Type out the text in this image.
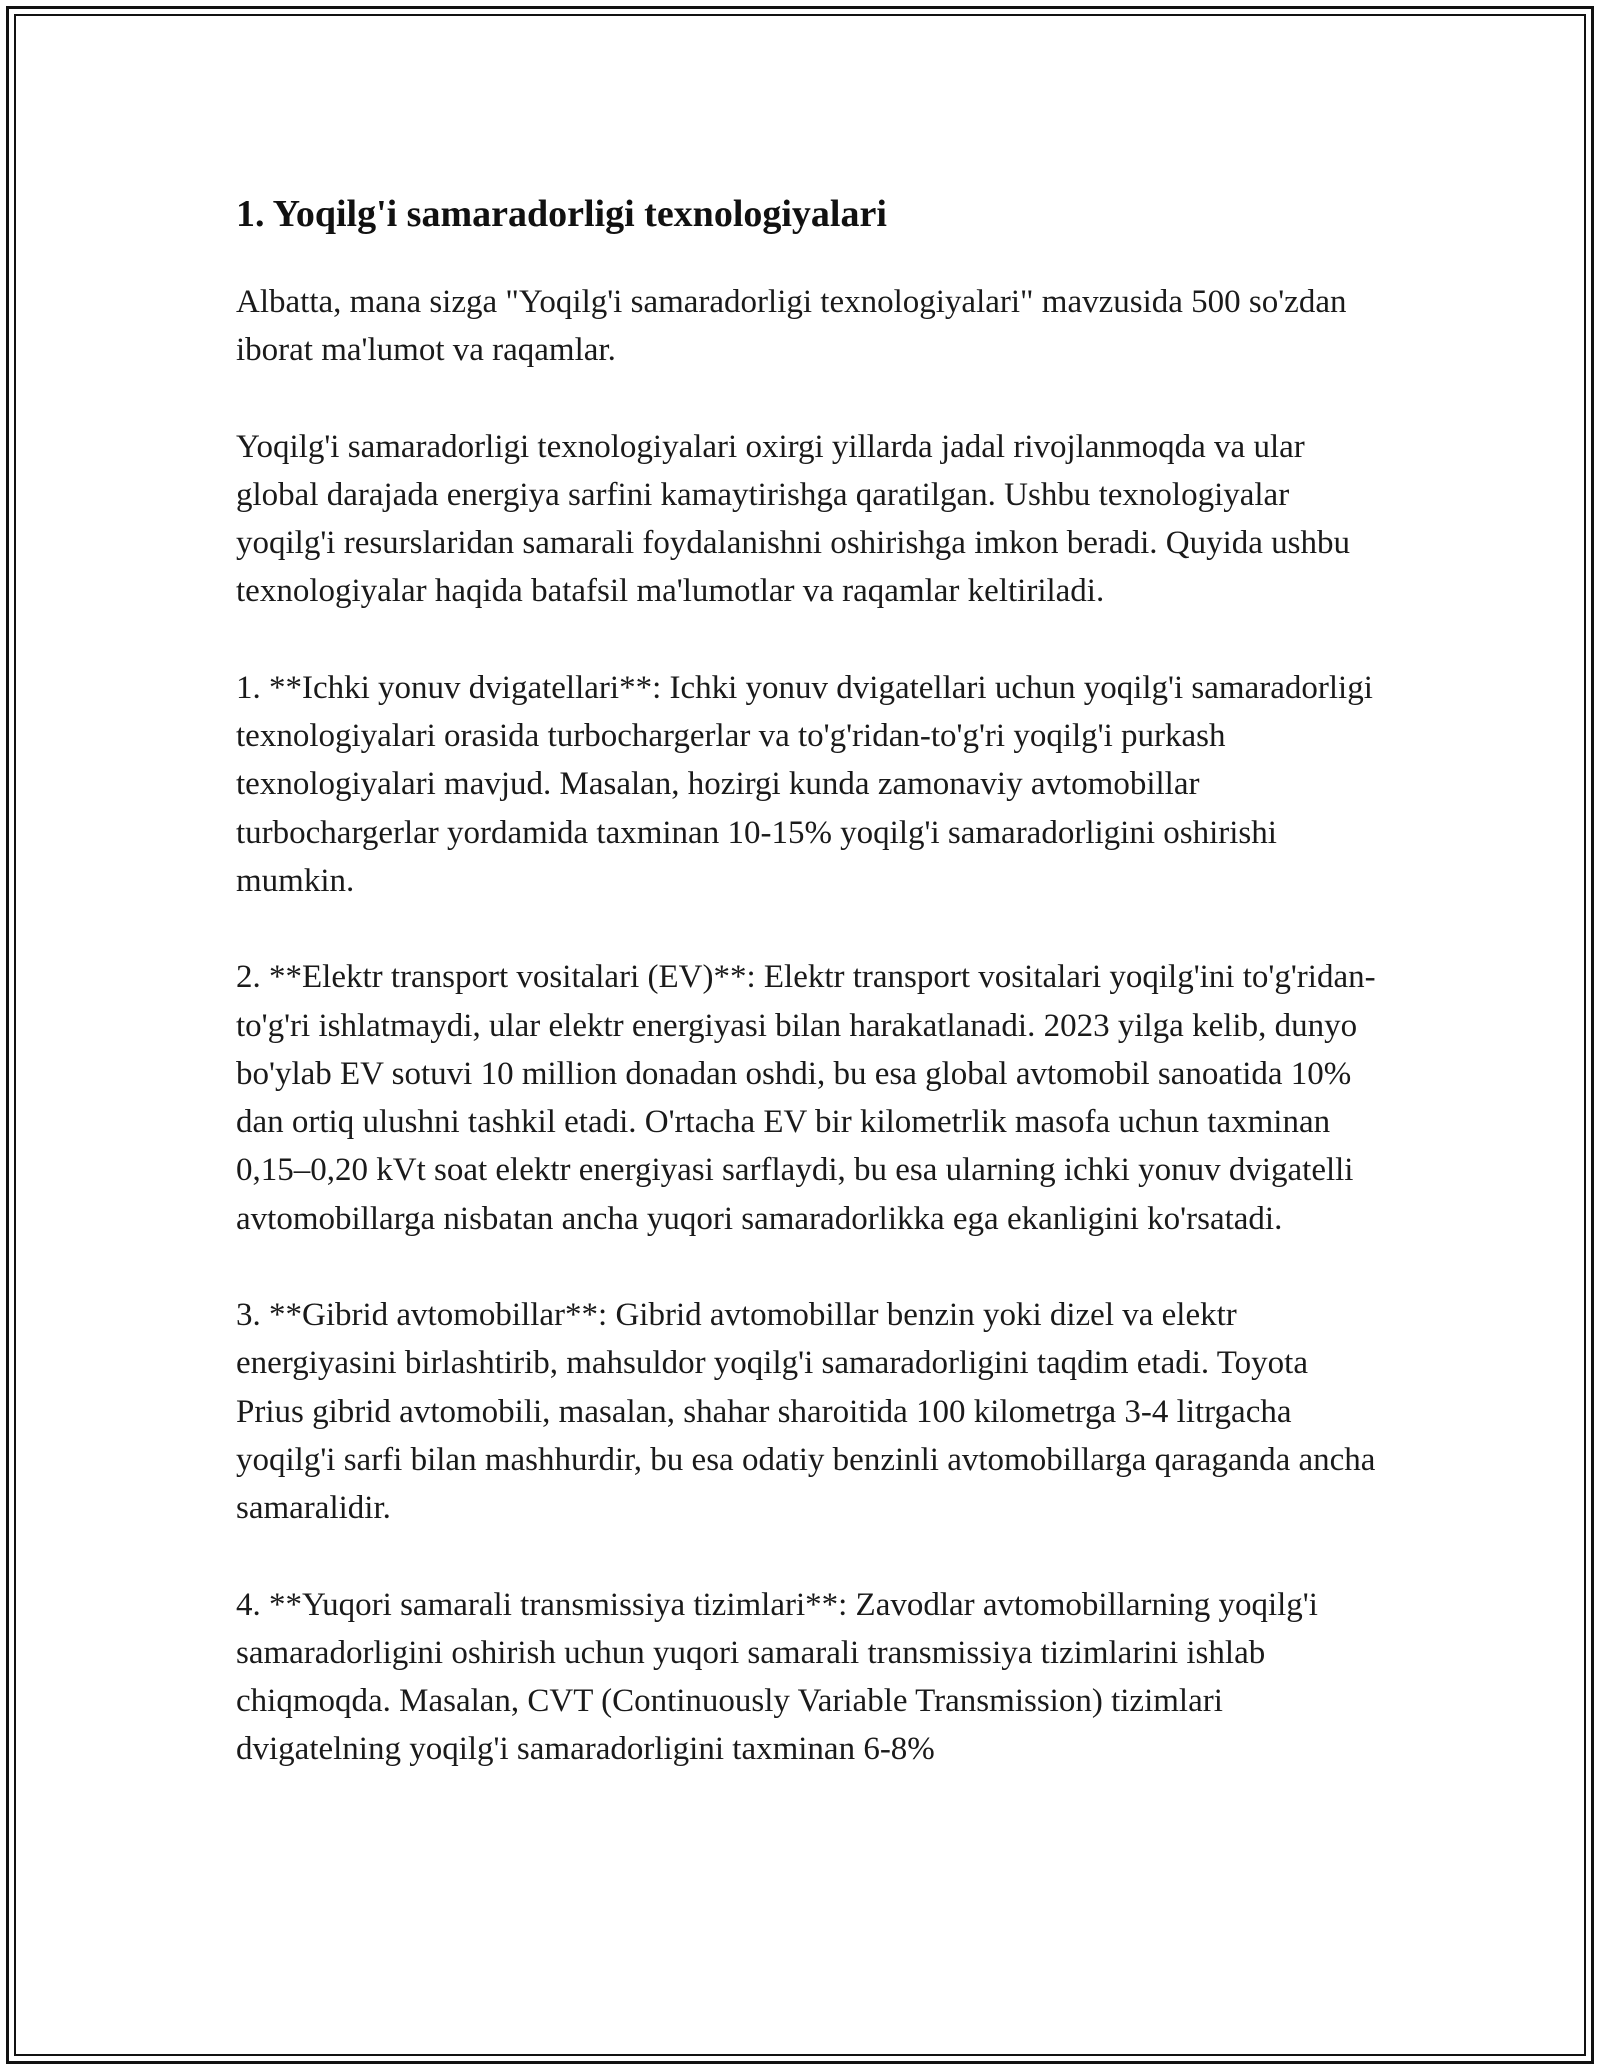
1. Yoqilg'i samaradorligi texnologiyalari

Albatta, mana sizga "Yoqilg'i samaradorligi texnologiyalari" mavzusida 500 so'zdan iborat ma'lumot va raqamlar.

Yoqilg'i samaradorligi texnologiyalari oxirgi yillarda jadal rivojlanmoqda va ular global darajada energiya sarfini kamaytirishga qaratilgan. Ushbu texnologiyalar yoqilg'i resurslaridan samarali foydalanishni oshirishga imkon beradi. Quyida ushbu texnologiyalar haqida batafsil ma'lumotlar va raqamlar keltiriladi.

1. **Ichki yonuv dvigatellari**: Ichki yonuv dvigatellari uchun yoqilg'i samaradorligi texnologiyalari orasida turbochargerlar va to'g'ridan-to'g'ri yoqilg'i purkash texnologiyalari mavjud. Masalan, hozirgi kunda zamonaviy avtomobillar turbochargerlar yordamida taxminan 10-15% yoqilg'i samaradorligini oshirishi mumkin.

2. **Elektr transport vositalari (EV)**: Elektr transport vositalari yoqilg'ini to'g'ridan-to'g'ri ishlatmaydi, ular elektr energiyasi bilan harakatlanadi. 2023 yilga kelib, dunyo bo'ylab EV sotuvi 10 million donadan oshdi, bu esa global avtomobil sanoatida 10% dan ortiq ulushni tashkil etadi. O'rtacha EV bir kilometrlik masofa uchun taxminan 0,15–0,20 kVt soat elektr energiyasi sarflaydi, bu esa ularning ichki yonuv dvigatelli avtomobillarga nisbatan ancha yuqori samaradorlikka ega ekanligini ko'rsatadi.

3. **Gibrid avtomobillar**: Gibrid avtomobillar benzin yoki dizel va elektr energiyasini birlashtirib, mahsuldor yoqilg'i samaradorligini taqdim etadi. Toyota Prius gibrid avtomobili, masalan, shahar sharoitida 100 kilometrga 3-4 litrgacha yoqilg'i sarfi bilan mashhurdir, bu esa odatiy benzinli avtomobillarga qaraganda ancha samaralidir.

4. **Yuqori samarali transmissiya tizimlari**: Zavodlar avtomobillarning yoqilg'i samaradorligini oshirish uchun yuqori samarali transmissiya tizimlarini ishlab chiqmoqda. Masalan, CVT (Continuously Variable Transmission) tizimlari dvigatelning yoqilg'i samaradorligini taxminan 6-8%
